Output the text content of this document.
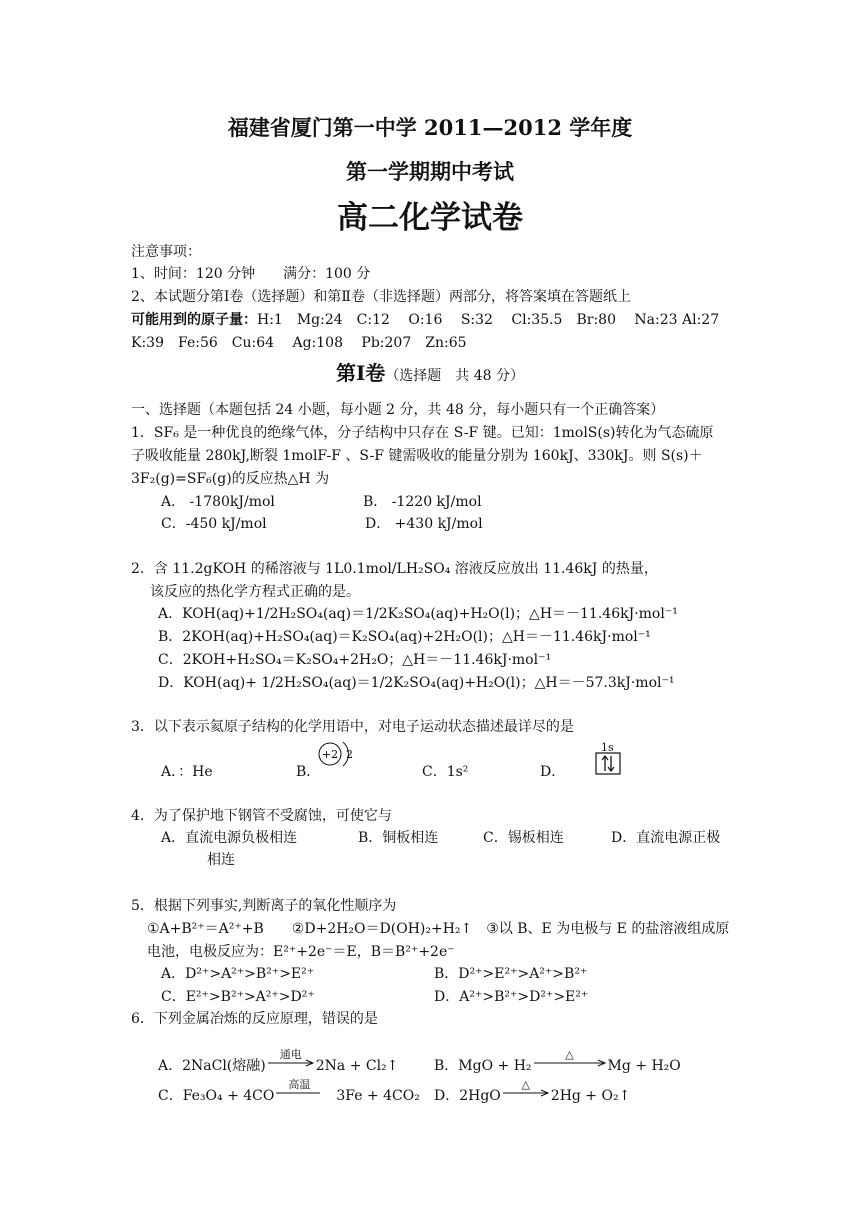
福建省厦门第一中学 2011—2012 学年度
第一学期期中考试
高二化学试卷
注意事项：
1、时间：120 分钟　　满分：100 分
2、本试题分第Ⅰ卷（选择题）和第Ⅱ卷（非选择题）两部分，将答案填在答题纸上
可能用到的原子量：H:1　Mg:24　C:12　 O:16　 S:32　 Cl:35.5　Br:80　 Na:23 Al:27
K:39　Fe:56　Cu:64　 Ag:108　 Pb:207　Zn:65
第Ⅰ卷（选择题　共 48 分）
一、选择题（本题包括 24 小题，每小题 2 分，共 48 分，每小题只有一个正确答案）
1．SF₆ 是一种优良的绝缘气体，分子结构中只存在 S-F 键。已知：1molS(s)转化为气态硫原
子吸收能量 280kJ,断裂 1molF-F 、S-F 键需吸收的能量分别为 160kJ、330kJ。则 S(s)＋
3F₂(g)=SF₆(g)的反应热△H 为
A． -1780kJ/mol	B． -1220 kJ/mol
C．-450 kJ/mol	D． +430 kJ/mol
2．含 11.2gKOH 的稀溶液与 1L0.1mol/LH₂SO₄ 溶液反应放出 11.46kJ 的热量，
该反应的热化学方程式正确的是。
A．KOH(aq)+1/2H₂SO₄(aq)＝1/2K₂SO₄(aq)+H₂O(l)；△H＝－11.46kJ·mol⁻¹
B．2KOH(aq)+H₂SO₄(aq)＝K₂SO₄(aq)+2H₂O(l)；△H＝－11.46kJ·mol⁻¹
C．2KOH+H₂SO₄＝K₂SO₄+2H₂O；△H＝－11.46kJ·mol⁻¹
D．KOH(aq)+ 1/2H₂SO₄(aq)＝1/2K₂SO₄(aq)+H₂O(l)；△H＝－57.3kJ·mol⁻¹
3．以下表示氦原子结构的化学用语中，对电子运动状态描述最详尽的是
A．：He	B．
+2 2
C．1s²	D．
1s
4．为了保护地下钢管不受腐蚀，可使它与
A．直流电源负极相连	B．铜板相连	C．锡板相连	D．直流电源正极
相连
5．根据下列事实,判断离子的氧化性顺序为
①A+B²⁺＝A²⁺+B　　②D+2H₂O＝D(OH)₂+H₂↑　③以 B、E 为电极与 E 的盐溶液组成原
电池，电极反应为：E²⁺+2e⁻＝E，B＝B²⁺+2e⁻
A．D²⁺>A²⁺>B²⁺>E²⁺	B．D²⁺>E²⁺>A²⁺>B²⁺
C．E²⁺>B²⁺>A²⁺>D²⁺	D．A²⁺>B²⁺>D²⁺>E²⁺
6．下列金属冶炼的反应原理，错误的是
A．2NaCl(熔融)
通电
2Na + Cl₂↑	B．MgO + H₂
△
Mg + H₂O
C．Fe₃O₄ + 4CO
高温
3Fe + 4CO₂ D．2HgO
△
2Hg + O₂↑
